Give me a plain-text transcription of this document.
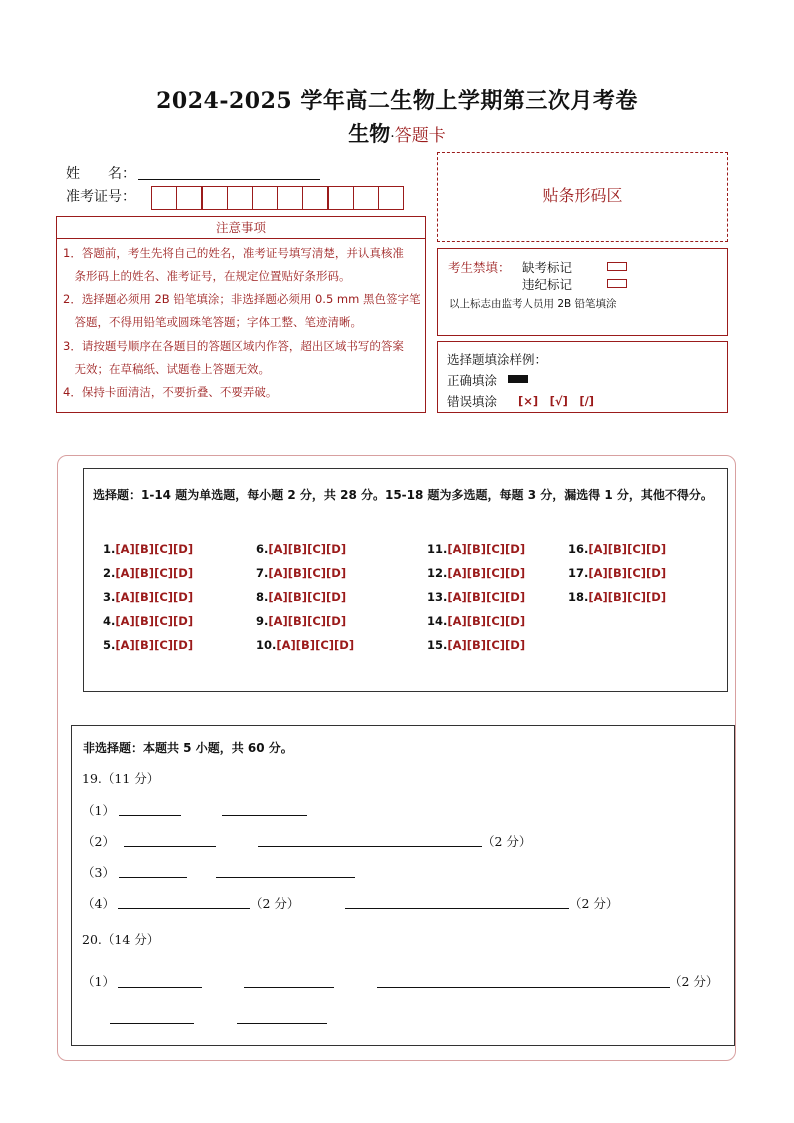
2024-2025 学年高二生物上学期第三次月考卷
生物·答题卡
姓　　名：
准考证号：
注意事项
1．答题前，考生先将自己的姓名，准考证号填写清楚，并认真核准
　条形码上的姓名、准考证号，在规定位置贴好条形码。
2．选择题必须用 2B 铅笔填涂；非选择题必须用 0.5 mm 黑色签字笔
　答题，不得用铅笔或圆珠笔答题；字体工整、笔迹清晰。
3．请按题号顺序在各题目的答题区域内作答，超出区域书写的答案
　无效；在草稿纸、试题卷上答题无效。
4．保持卡面清洁，不要折叠、不要弄破。
贴条形码区
考生禁填： 缺考标记
违纪标记
以上标志由监考人员用 2B 铅笔填涂
选择题填涂样例：
正确填涂
错误填涂 [×]　[√]　[/]
选择题：1-14 题为单选题，每小题 2 分，共 28 分。15-18 题为多选题，每题 3 分，漏选得 1 分，其他不得分。
1.[A][B][C][D]
2.[A][B][C][D]
3.[A][B][C][D]
4.[A][B][C][D]
5.[A][B][C][D]
6.[A][B][C][D]
7.[A][B][C][D]
8.[A][B][C][D]
9.[A][B][C][D]
10.[A][B][C][D]
11.[A][B][C][D]
12.[A][B][C][D]
13.[A][B][C][D]
14.[A][B][C][D]
15.[A][B][C][D]
16.[A][B][C][D]
17.[A][B][C][D]
18.[A][B][C][D]
非选择题：本题共 5 小题，共 60 分。
19.（11 分）
（1）
（2）	（2 分）
（3）
（4）	（2 分）	（2 分）
20.（14 分）
（1）	（2 分）
